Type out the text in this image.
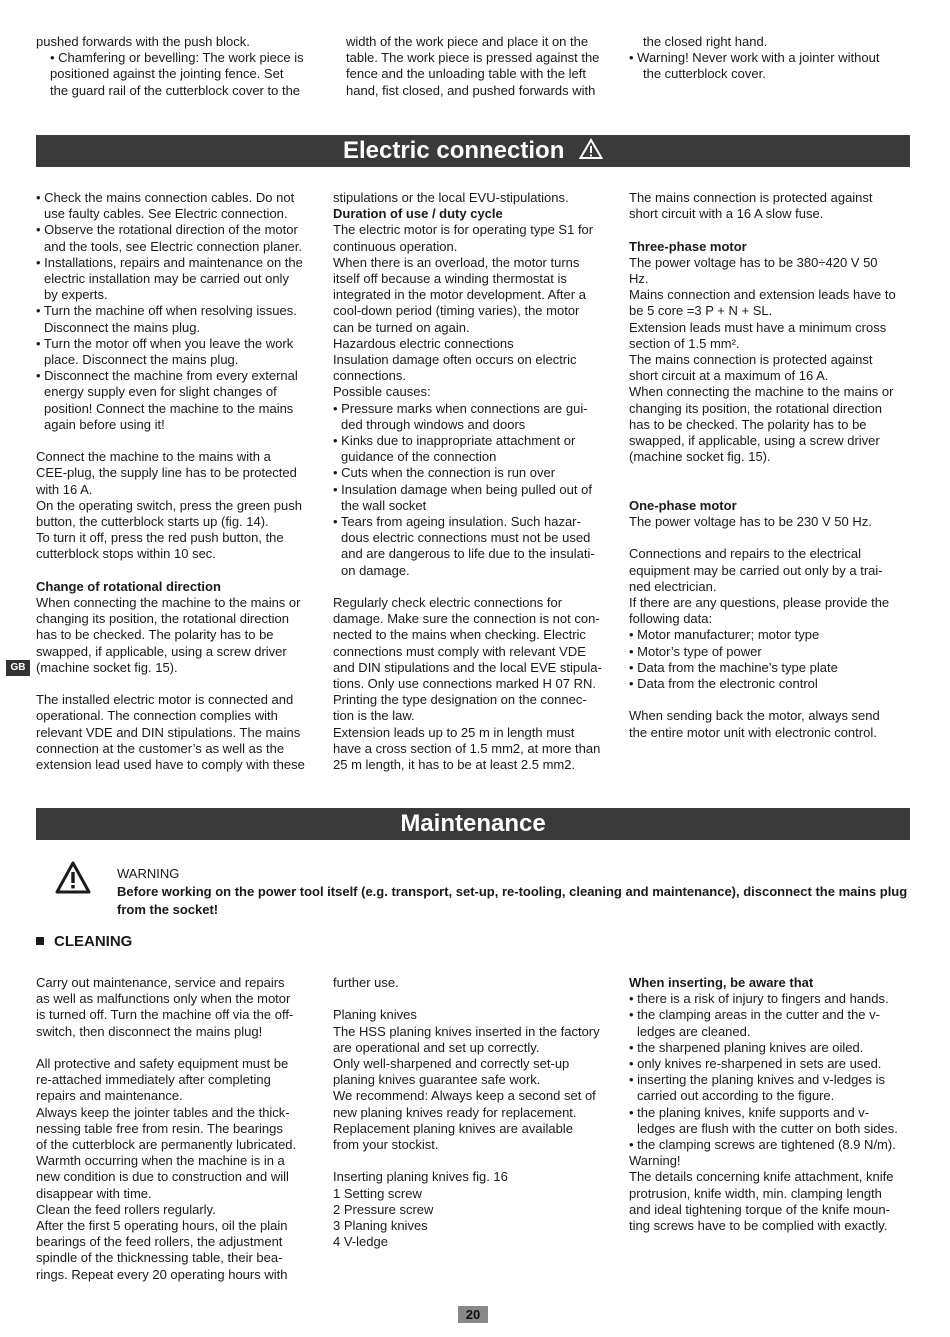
pushed forwards with the push block.
• Chamfering or bevelling: The work piece is
positioned against the jointing fence. Set
the guard rail of the cutterblock cover to the
width of the work piece and place it on the
table. The work piece is pressed against the
fence and the unloading table with the left
hand, fist closed, and pushed forwards with
the closed right hand.
• Warning! Never work with a jointer without
the cutterblock cover.
Electric connection
• Check the mains connection cables. Do not
use faulty cables. See Electric connection.
• Observe the rotational direction of the motor
and the tools, see Electric connection planer.
• Installations, repairs and maintenance on the
electric installation may be carried out only
by experts.
• Turn the machine off when resolving issues.
Disconnect the mains plug.
• Turn the motor off when you leave the work
place. Disconnect the mains plug.
• Disconnect the machine from every external
energy supply even for slight changes of
position! Connect the machine to the mains
again before using it!
Connect the machine to the mains with a
CEE-plug, the supply line has to be protected
with 16 A.
On the operating switch, press the green push
button, the cutterblock starts up (fig. 14).
To turn it off, press the red push button, the
cutterblock stops within 10 sec.
Change of rotational direction
When connecting the machine to the mains or
changing its position, the rotational direction
has to be checked. The polarity has to be
swapped, if applicable, using a screw driver
(machine socket fig. 15).
The installed electric motor is connected and
operational. The connection complies with
relevant VDE and DIN stipulations. The mains
connection at the customer’s as well as the
extension lead used have to comply with these
stipulations or the local EVU-stipulations.
Duration of use / duty cycle
The electric motor is for operating type S1 for
continuous operation.
When there is an overload, the motor turns
itself off because a winding thermostat is
integrated in the motor development. After a
cool-down period (timing varies), the motor
can be turned on again.
Hazardous electric connections
Insulation damage often occurs on electric
connections.
Possible causes:
• Pressure marks when connections are gui-
ded through windows and doors
• Kinks due to inappropriate attachment or
guidance of the connection
• Cuts when the connection is run over
• Insulation damage when being pulled out of
the wall socket
• Tears from ageing insulation. Such hazar-
dous electric connections must not be used
and are dangerous to life due to the insulati-
on damage.
Regularly check electric connections for
damage. Make sure the connection is not con-
nected to the mains when checking. Electric
connections must comply with relevant VDE
and DIN stipulations and the local EVE stipula-
tions. Only use connections marked H 07 RN.
Printing the type designation on the connec-
tion is the law.
Extension leads up to 25 m in length must
have a cross section of 1.5 mm2, at more than
25 m length, it has to be at least 2.5 mm2.
The mains connection is protected against
short circuit with a 16 A slow fuse.
Three-phase motor
The power voltage has to be 380÷420 V 50
Hz.
Mains connection and extension leads have to
be 5 core =3 P + N + SL.
Extension leads must have a minimum cross
section of 1.5 mm².
The mains connection is protected against
short circuit at a maximum of 16 A.
When connecting the machine to the mains or
changing its position, the rotational direction
has to be checked. The polarity has to be
swapped, if applicable, using a screw driver
(machine socket fig. 15).
One-phase motor
The power voltage has to be 230 V 50 Hz.
Connections and repairs to the electrical
equipment may be carried out only by a trai-
ned electrician.
If there are any questions, please provide the
following data:
• Motor manufacturer; motor type
• Motor’s type of power
• Data from the machine’s type plate
• Data from the electronic control
When sending back the motor, always send
the entire motor unit with electronic control.
GB
Maintenance
WARNING
Before working on the power tool itself (e.g. transport, set-up, re-tooling, cleaning and maintenance), disconnect the mains plug from the socket!
CLEANING
Carry out maintenance, service and repairs
as well as malfunctions only when the motor
is turned off. Turn the machine off via the off-
switch, then disconnect the mains plug!
All protective and safety equipment must be
re-attached immediately after completing
repairs and maintenance.
Always keep the jointer tables and the thick-
nessing table free from resin. The bearings
of the cutterblock are permanently lubricated.
Warmth occurring when the machine is in a
new condition is due to construction and will
disappear with time.
Clean the feed rollers regularly.
After the first 5 operating hours, oil the plain
bearings of the feed rollers, the adjustment
spindle of the thicknessing table, their bea-
rings. Repeat every 20 operating hours with
further use.
Planing knives
The HSS planing knives inserted in the factory
are operational and set up correctly.
Only well-sharpened and correctly set-up
planing knives guarantee safe work.
We recommend: Always keep a second set of
new planing knives ready for replacement.
Replacement planing knives are available
from your stockist.
Inserting planing knives fig. 16
1 Setting screw
2 Pressure screw
3 Planing knives
4 V-ledge
When inserting, be aware that
• there is a risk of injury to fingers and hands.
• the clamping areas in the cutter and the v-
ledges are cleaned.
• the sharpened planing knives are oiled.
• only knives re-sharpened in sets are used.
• inserting the planing knives and v-ledges is
carried out according to the figure.
• the planing knives, knife supports and v-
ledges are flush with the cutter on both sides.
• the clamping screws are tightened (8.9 N/m).
Warning!
The details concerning knife attachment, knife
protrusion, knife width, min. clamping length
and ideal tightening torque of the knife moun-
ting screws have to be complied with exactly.
20
